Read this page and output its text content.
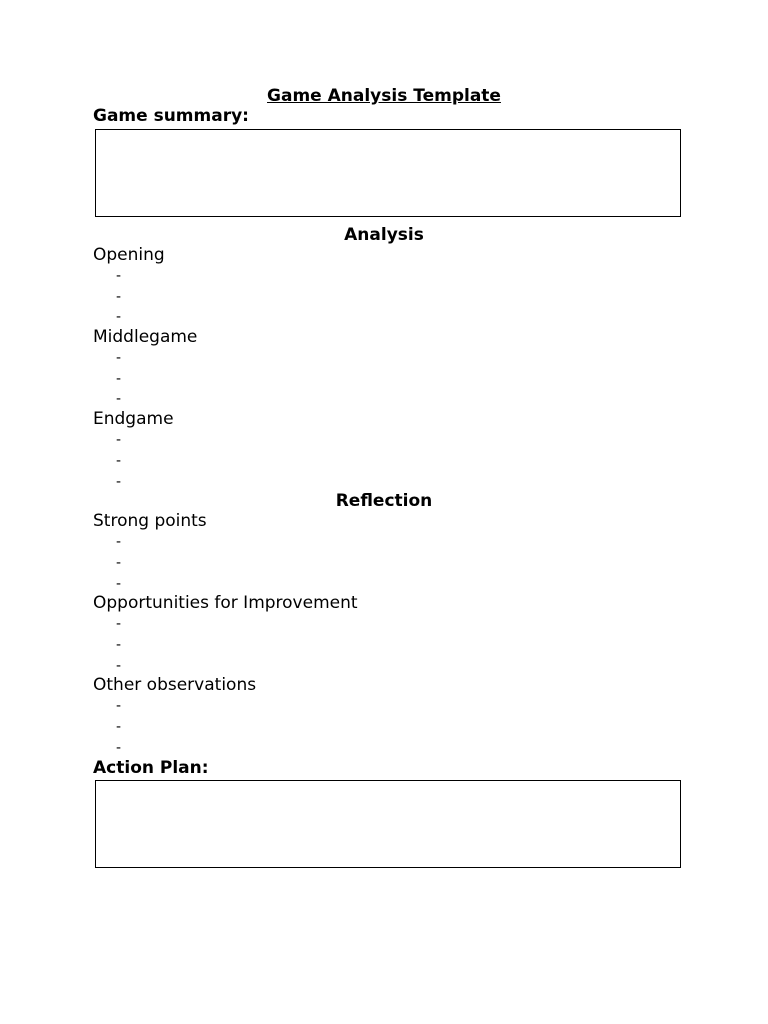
Game Analysis Template
Game summary:
Analysis
Opening
-
-
-
Middlegame
-
-
-
Endgame
-
-
-
Reflection
Strong points
-
-
-
Opportunities for Improvement
-
-
-
Other observations
-
-
-
Action Plan:
